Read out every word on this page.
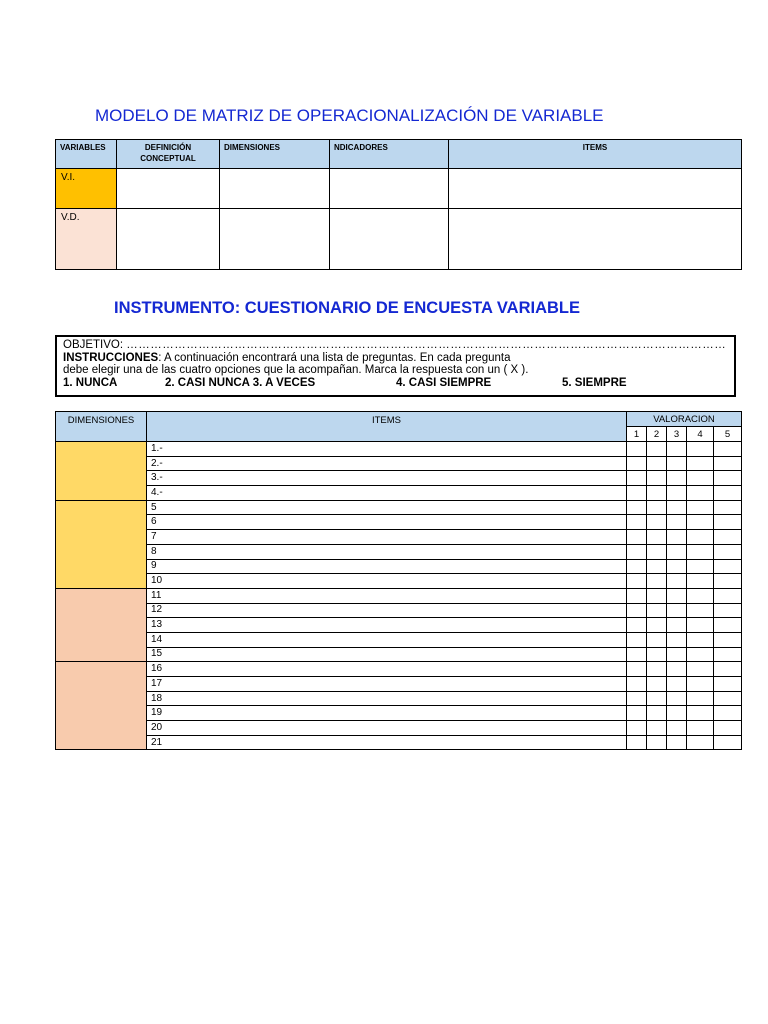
MODELO DE MATRIZ DE OPERACIONALIZACIÓN DE VARIABLE
VARIABLES	DEFINICIÓN CONCEPTUAL	DIMENSIONES	NDICADORES	ITEMS
V.I.				
V.D.				
INSTRUMENTO: CUESTIONARIO DE ENCUESTA VARIABLE
OBJETIVO: ……………………………………………………………………………………………………………………………………
INSTRUCCIONES: A continuación encontrará una lista de preguntas. En cada pregunta
debe elegir una de las cuatro opciones que la acompañan. Marca la respuesta con un ( X ).
1. NUNCA	2. CASI NUNCA 3. A VECES	4. CASI SIEMPRE	5. SIEMPRE
DIMENSIONES	ITEMS	VALORACION				
		1	2	3	4	5
	1.-					
	2.-					
	3.-					
	4.-					
	5					
	6					
	7					
	8					
	9					
	10					
	11					
	12					
	13					
	14					
	15					
	16					
	17					
	18					
	19					
	20					
	21					
